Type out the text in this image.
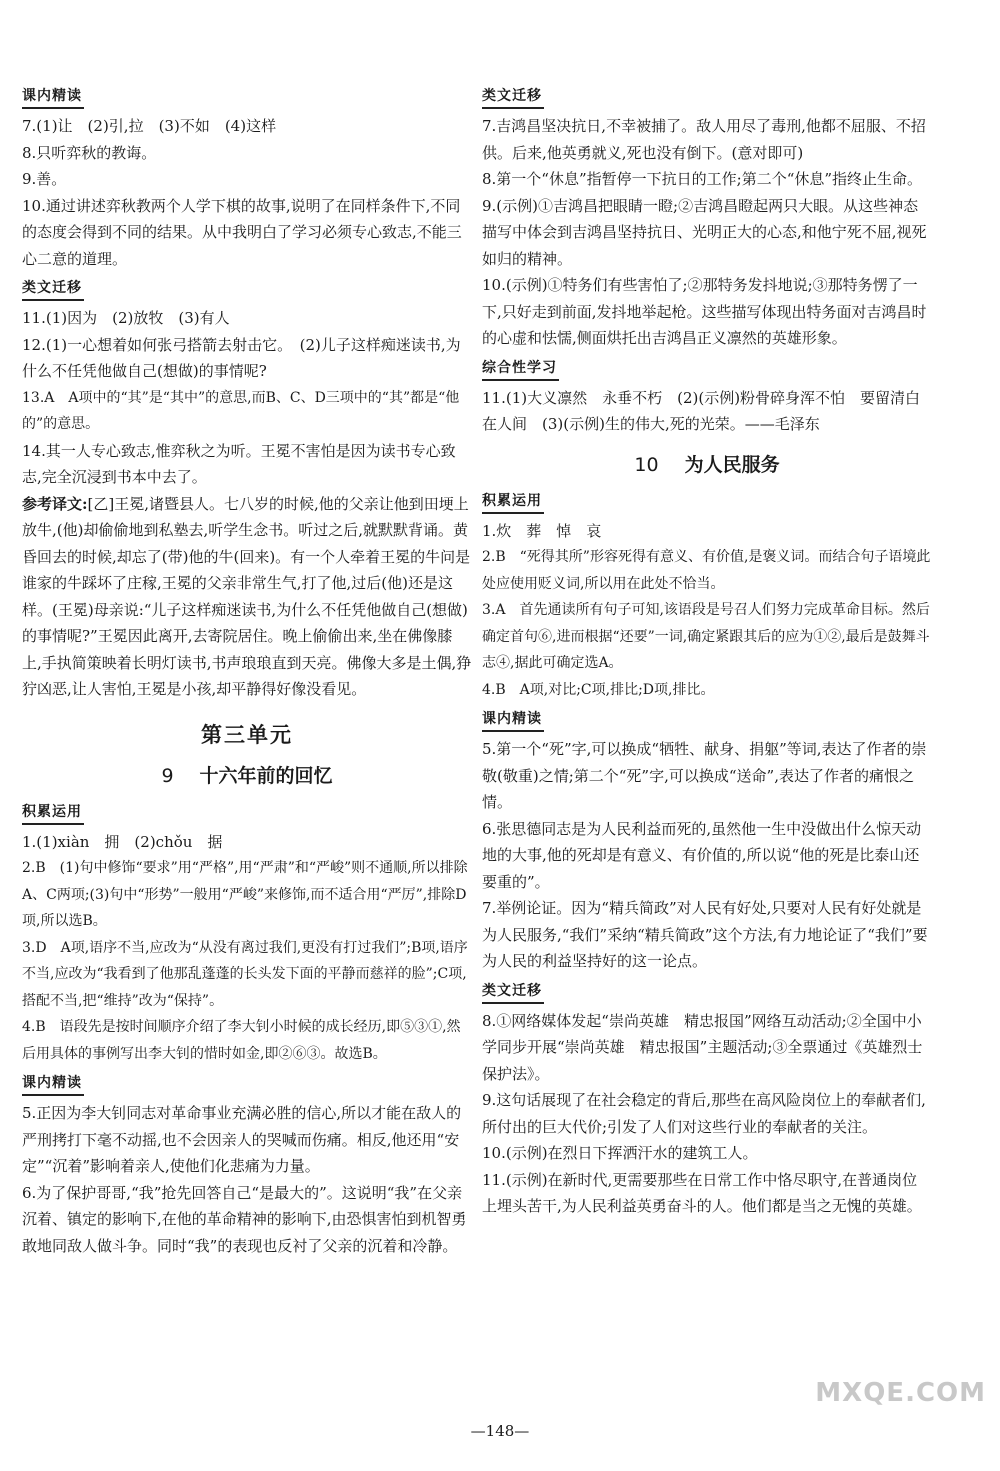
课内精读

7.(1)让　(2)引,拉　(3)不如　(4)这样

8.只听弈秋的教诲。

9.善。

10.通过讲述弈秋教两个人学下棋的故事,说明了在同样条件下,不同的态度会得到不同的结果。从中我明白了学习必须专心致志,不能三心二意的道理。

类文迁移

11.(1)因为　(2)放牧　(3)有人

12.(1)一心想着如何张弓搭箭去射击它。　(2)儿子这样痴迷读书,为什么不任凭他做自己(想做)的事情呢?

13.A　A项中的“其”是“其中”的意思,而B、C、D三项中的“其”都是“他的”的意思。

14.其一人专心致志,惟弈秋之为听。王冕不害怕是因为读书专心致志,完全沉浸到书本中去了。

参考译文:[乙]王冕,诸暨县人。七八岁的时候,他的父亲让他到田埂上放牛,(他)却偷偷地到私塾去,听学生念书。听过之后,就默默背诵。黄昏回去的时候,却忘了(带)他的牛(回来)。有一个人牵着王冕的牛问是谁家的牛踩坏了庄稼,王冕的父亲非常生气,打了他,过后(他)还是这样。(王冕)母亲说:“儿子这样痴迷读书,为什么不任凭他做自己(想做)的事情呢?”王冕因此离开,去寄院居住。晚上偷偷出来,坐在佛像膝上,手执简策映着长明灯读书,书声琅琅直到天亮。佛像大多是土偶,狰狞凶恶,让人害怕,王冕是小孩,却平静得好像没看见。

第三单元
9 十六年前的回忆
积累运用

1.(1)xiàn　拥　(2)chǒu　据

2.B　(1)句中修饰“要求”用“严格”,用“严肃”和“严峻”则不通顺,所以排除A、C两项;(3)句中“形势”一般用“严峻”来修饰,而不适合用“严厉”,排除D项,所以选B。

3.D　A项,语序不当,应改为“从没有离过我们,更没有打过我们”;B项,语序不当,应改为“我看到了他那乱蓬蓬的长头发下面的平静而慈祥的脸”;C项,搭配不当,把“维持”改为“保持”。

4.B　语段先是按时间顺序介绍了李大钊小时候的成长经历,即⑤③①,然后用具体的事例写出李大钊的惜时如金,即②⑥③。故选B。

课内精读

5.正因为李大钊同志对革命事业充满必胜的信心,所以才能在敌人的严刑拷打下毫不动摇,也不会因亲人的哭喊而伤痛。相反,他还用“安定”“沉着”影响着亲人,使他们化悲痛为力量。

6.为了保护哥哥,“我”抢先回答自己“是最大的”。这说明“我”在父亲沉着、镇定的影响下,在他的革命精神的影响下,由恐惧害怕到机智勇敢地同敌人做斗争。同时“我”的表现也反衬了父亲的沉着和冷静。

类文迁移

7.吉鸿昌坚决抗日,不幸被捕了。敌人用尽了毒刑,他都不屈服、不招供。后来,他英勇就义,死也没有倒下。(意对即可)

8.第一个“休息”指暂停一下抗日的工作;第二个“休息”指终止生命。

9.(示例)①吉鸿昌把眼睛一瞪;②吉鸿昌瞪起两只大眼。从这些神态描写中体会到吉鸿昌坚持抗日、光明正大的心态,和他宁死不屈,视死如归的精神。

10.(示例)①特务们有些害怕了;②那特务发抖地说;③那特务愣了一下,只好走到前面,发抖地举起枪。这些描写体现出特务面对吉鸿昌时的心虚和怯懦,侧面烘托出吉鸿昌正义凛然的英雄形象。

综合性学习

11.(1)大义凛然　永垂不朽　(2)(示例)粉骨碎身浑不怕　要留清白在人间　(3)(示例)生的伟大,死的光荣。——毛泽东

10 为人民服务
积累运用

1.炊　葬　悼　哀

2.B　“死得其所”形容死得有意义、有价值,是褒义词。而结合句子语境此处应使用贬义词,所以用在此处不恰当。

3.A　首先通读所有句子可知,该语段是号召人们努力完成革命目标。然后确定首句⑥,进而根据“还要”一词,确定紧跟其后的应为①②,最后是鼓舞斗志④,据此可确定选A。

4.B　A项,对比;C项,排比;D项,排比。

课内精读

5.第一个“死”字,可以换成“牺牲、献身、捐躯”等词,表达了作者的崇敬(敬重)之情;第二个“死”字,可以换成“送命”,表达了作者的痛恨之情。

6.张思德同志是为人民利益而死的,虽然他一生中没做出什么惊天动地的大事,他的死却是有意义、有价值的,所以说“他的死是比泰山还要重的”。

7.举例论证。因为“精兵简政”对人民有好处,只要对人民有好处就是为人民服务,“我们”采纳“精兵简政”这个方法,有力地论证了“我们”要为人民的利益坚持好的这一论点。

类文迁移

8.①网络媒体发起“崇尚英雄　精忠报国”网络互动活动;②全国中小学同步开展“崇尚英雄　精忠报国”主题活动;③全票通过《英雄烈士保护法》。

9.这句话展现了在社会稳定的背后,那些在高风险岗位上的奉献者们,所付出的巨大代价;引发了人们对这些行业的奉献者的关注。

10.(示例)在烈日下挥洒汗水的建筑工人。

11.(示例)在新时代,更需要那些在日常工作中恪尽职守,在普通岗位上埋头苦干,为人民利益英勇奋斗的人。他们都是当之无愧的英雄。

—148—
MXQE.COM
